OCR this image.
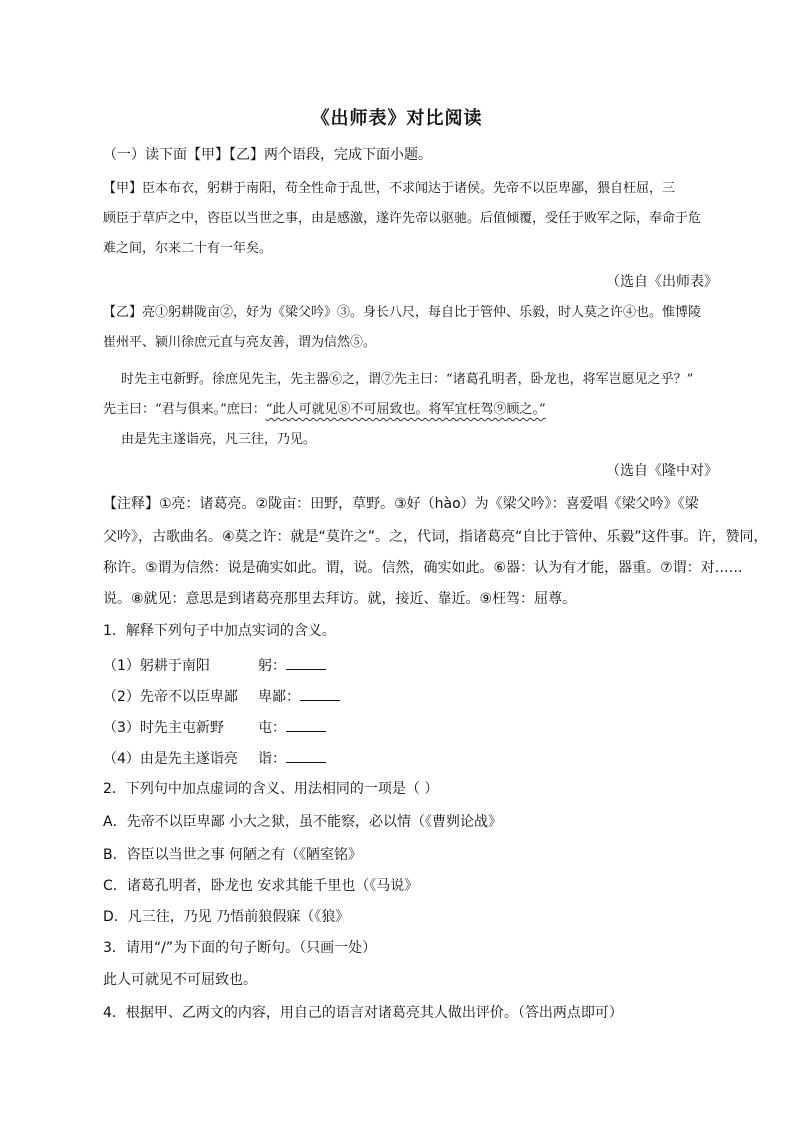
《出师表》对比阅读
（一）读下面【甲】【乙】两个语段，完成下面小题。
【甲】臣本布衣，躬耕于南阳，苟全性命于乱世，不求闻达于诸侯。先帝不以臣卑鄙，猥自枉屈，三
顾臣于草庐之中，咨臣以当世之事，由是感激，遂许先帝以驱驰。后值倾覆，受任于败军之际，奉命于危
难之间，尔来二十有一年矣。
（选自《出师表》
【乙】亮①躬耕陇亩②，好为《梁父吟》③。身长八尺，每自比于管仲、乐毅，时人莫之许④也。惟博陵
崔州平、颍川徐庶元直与亮友善，谓为信然⑤。
时先主屯新野。徐庶见先主，先主器⑥之，谓⑦先主曰：“诸葛孔明者，卧龙也，将军岂愿见之乎？”
先主曰：“君与俱来。”庶曰：“此人可就见⑧不可屈致也。将军宜枉驾⑨顾之。”
由是先主遂诣亮，凡三往，乃见。
（选自《隆中对》
【注释】①亮：诸葛亮。②陇亩：田野，草野。③好（hào）为《梁父吟》：喜爱唱《梁父吟》《梁
父吟》，古歌曲名。④莫之许：就是“莫许之”。之，代词，指诸葛亮“自比于管仲、乐毅”这件事。许，赞同，
称许。⑤谓为信然：说是确实如此。谓，说。信然，确实如此。⑥器：认为有才能，器重。⑦谓：对……
说。⑧就见：意思是到诸葛亮那里去拜访。就，接近、靠近。⑨枉驾：屈尊。
1．解释下列句子中加点实词的含义。
（1）躬耕于南阳	躬：
（2）先帝不以臣卑鄙 卑鄙：
（3）时先主屯新野 屯：
（4）由是先主遂诣亮 诣：
2．下列句中加点虚词的含义、用法相同的一项是（ ）
A．先帝不以臣卑鄙 小大之狱，虽不能察，必以情（《曹刿论战》
B．咨臣以当世之事 何陋之有（《陋室铭》
C．诸葛孔明者，卧龙也 安求其能千里也（《马说》
D．凡三往，乃见 乃悟前狼假寐（《狼》
3．请用“/”为下面的句子断句。（只画一处）
此人可就见不可屈致也。
4．根据甲、乙两文的内容，用自己的语言对诸葛亮其人做出评价。（答出两点即可）
